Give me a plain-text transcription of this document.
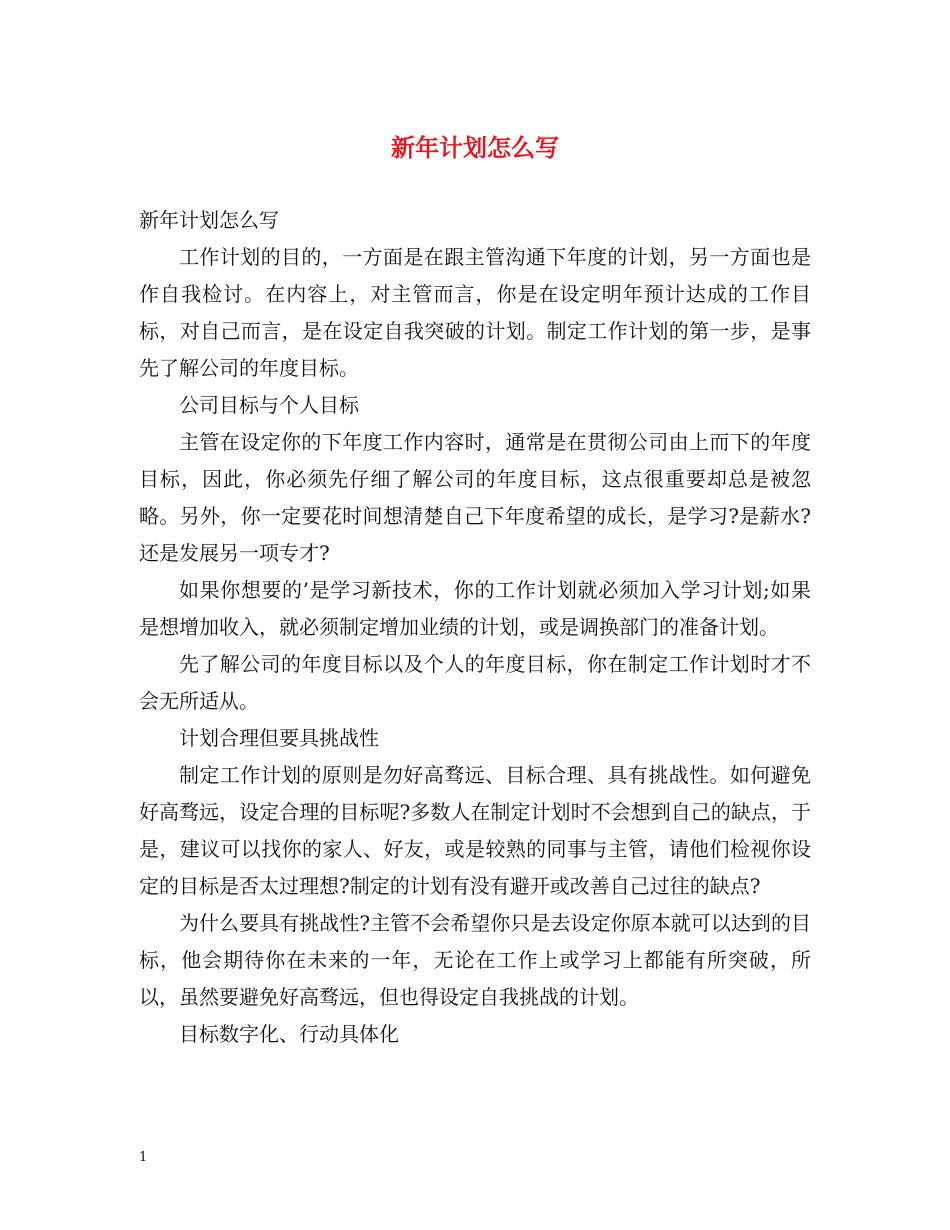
新年计划怎么写

新年计划怎么写

工作计划的目的，一方面是在跟主管沟通下年度的计划，另一方面也是作自我检讨。在内容上，对主管而言，你是在设定明年预计达成的工作目标，对自己而言，是在设定自我突破的计划。制定工作计划的第一步，是事先了解公司的年度目标。

公司目标与个人目标

主管在设定你的下年度工作内容时，通常是在贯彻公司由上而下的年度目标，因此，你必须先仔细了解公司的年度目标，这点很重要却总是被忽略。另外，你一定要花时间想清楚自己下年度希望的成长，是学习?是薪水?还是发展另一项专才?

如果你想要的’是学习新技术，你的工作计划就必须加入学习计划;如果是想增加收入，就必须制定增加业绩的计划，或是调换部门的准备计划。

先了解公司的年度目标以及个人的年度目标，你在制定工作计划时才不会无所适从。

计划合理但要具挑战性

制定工作计划的原则是勿好高骛远、目标合理、具有挑战性。如何避免好高骛远，设定合理的目标呢?多数人在制定计划时不会想到自己的缺点，于是，建议可以找你的家人、好友，或是较熟的同事与主管，请他们检视你设定的目标是否太过理想?制定的计划有没有避开或改善自己过往的缺点?

为什么要具有挑战性?主管不会希望你只是去设定你原本就可以达到的目标，他会期待你在未来的一年，无论在工作上或学习上都能有所突破，所以，虽然要避免好高骛远，但也得设定自我挑战的计划。

目标数字化、行动具体化

1
